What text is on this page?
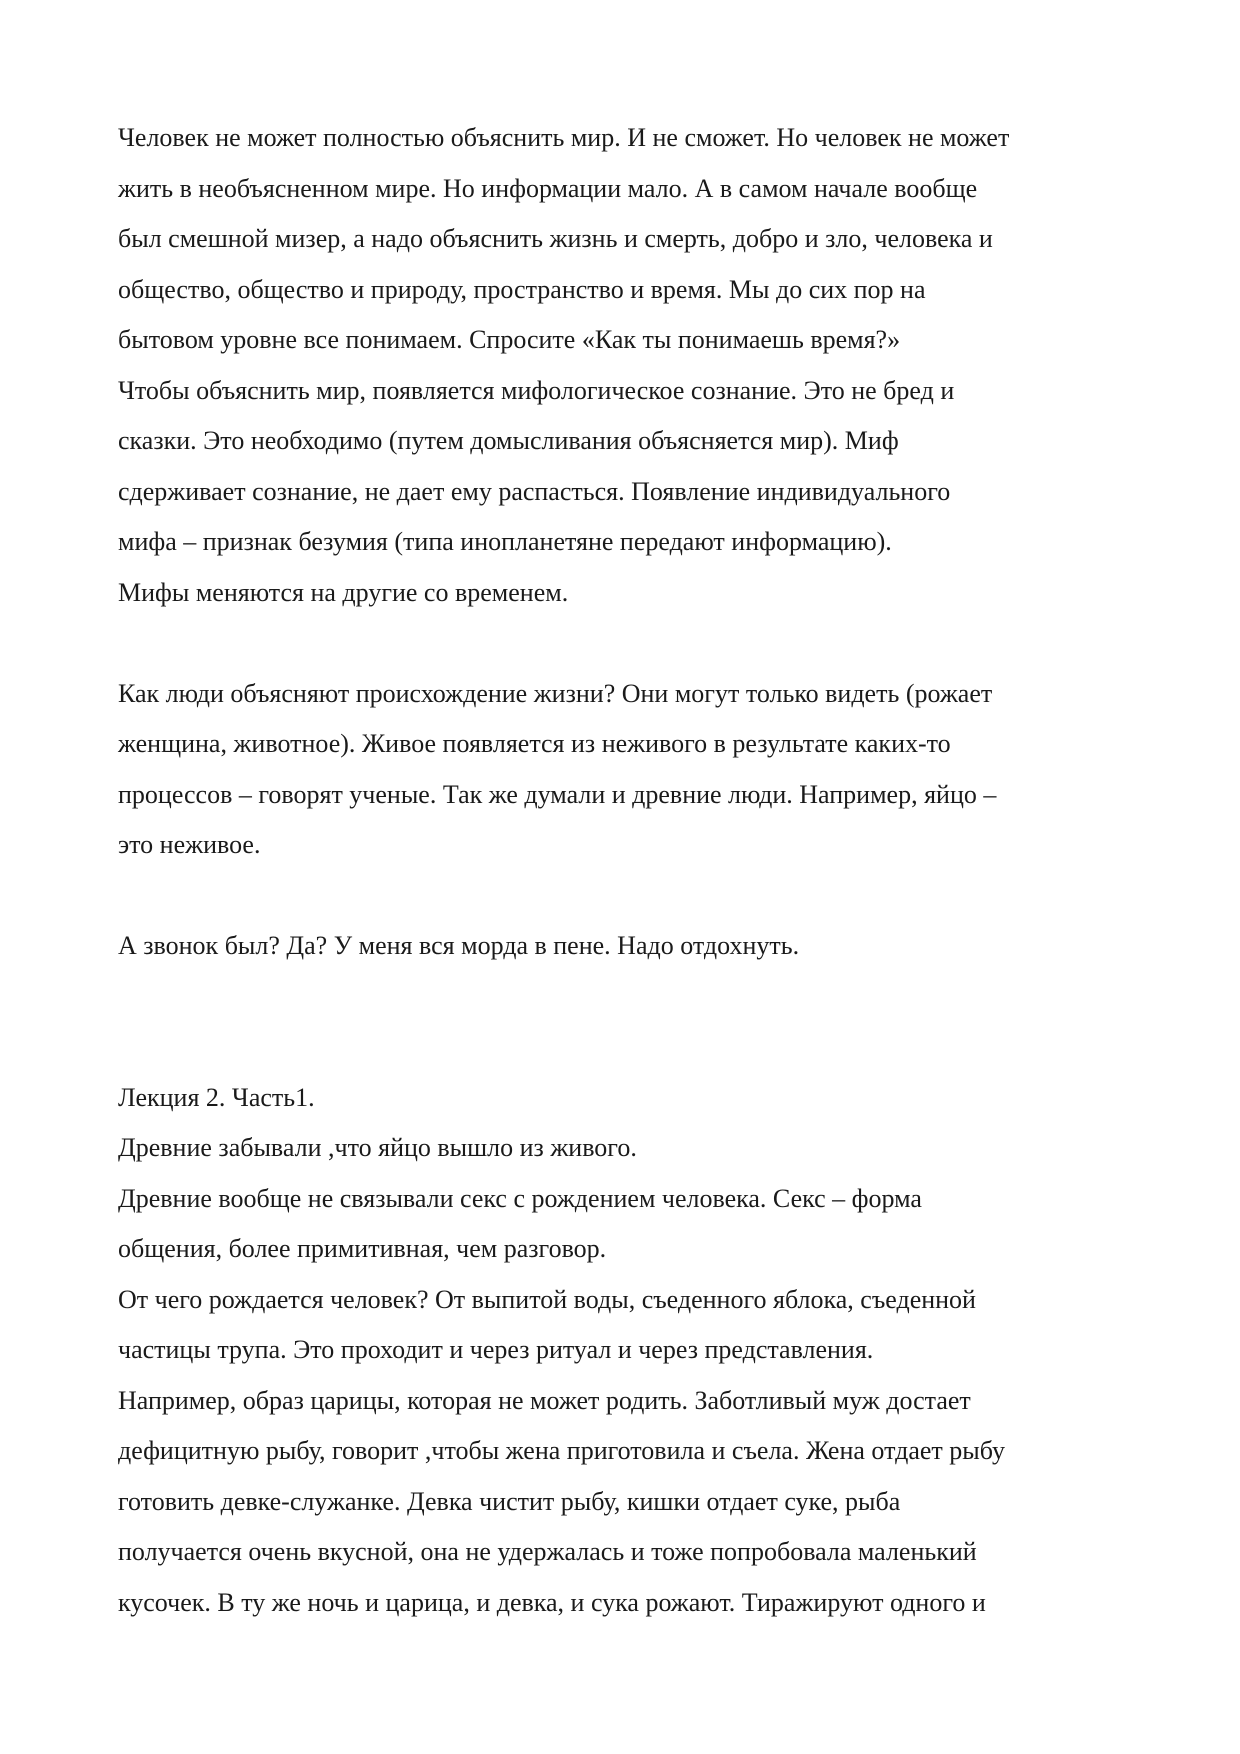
Человек не может полностью объяснить мир. И не сможет. Но человек не может
жить в необъясненном мире. Но информации мало. А в самом начале вообще
был смешной мизер, а надо объяснить жизнь и смерть, добро и зло, человека и
общество, общество и природу, пространство и время. Мы до сих пор на
бытовом уровне все понимаем. Спросите «Как ты понимаешь время?»
Чтобы объяснить мир, появляется мифологическое сознание. Это не бред и
сказки. Это необходимо (путем домысливания объясняется мир). Миф
сдерживает сознание, не дает ему распасться. Появление индивидуального
мифа – признак безумия (типа инопланетяне передают информацию).
Мифы меняются на другие со временем.
Как люди объясняют происхождение жизни? Они могут только видеть (рожает
женщина, животное). Живое появляется из неживого в результате каких-то
процессов – говорят ученые. Так же думали и древние люди. Например, яйцо –
это неживое.
А звонок был? Да? У меня вся морда в пене. Надо отдохнуть.
Лекция 2. Часть1.
Древние забывали ,что яйцо вышло из живого.
Древние вообще не связывали секс с рождением человека. Секс – форма
общения, более примитивная, чем разговор.
От чего рождается человек? От выпитой воды, съеденного яблока, съеденной
частицы трупа. Это проходит и через ритуал и через представления.
Например, образ царицы, которая не может родить. Заботливый муж достает
дефицитную рыбу, говорит ,чтобы жена приготовила и съела. Жена отдает рыбу
готовить девке-служанке. Девка чистит рыбу, кишки отдает суке, рыба
получается очень вкусной, она не удержалась и тоже попробовала маленький
кусочек. В ту же ночь и царица, и девка, и сука рожают. Тиражируют одного и
